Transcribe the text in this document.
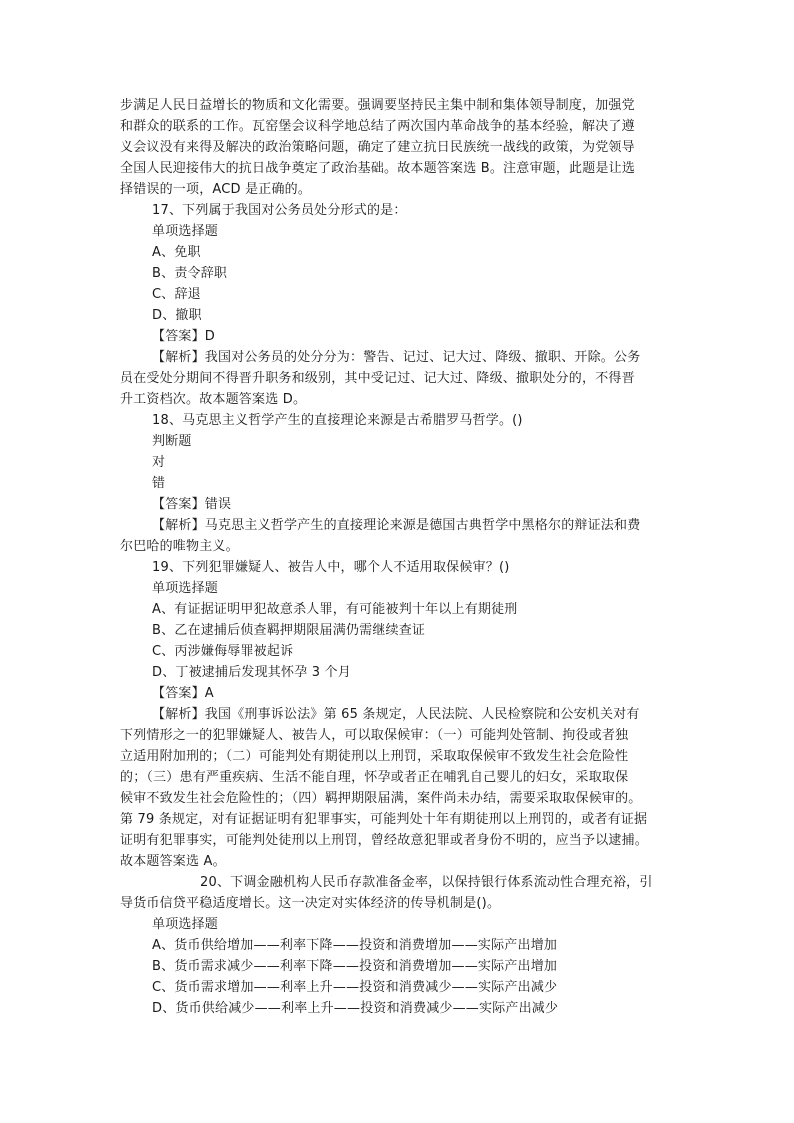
步满足人民日益增长的物质和文化需要。强调要坚持民主集中制和集体领导制度，加强党
和群众的联系的工作。瓦窑堡会议科学地总结了两次国内革命战争的基本经验，解决了遵
义会议没有来得及解决的政治策略问题，确定了建立抗日民族统一战线的政策，为党领导
全国人民迎接伟大的抗日战争奠定了政治基础。故本题答案选 B。注意审题，此题是让选
择错误的一项，ACD 是正确的。
17、下列属于我国对公务员处分形式的是：
单项选择题
A、免职
B、责令辞职
C、辞退
D、撤职
【答案】D
【解析】我国对公务员的处分分为：警告、记过、记大过、降级、撤职、开除。公务
员在受处分期间不得晋升职务和级别，其中受记过、记大过、降级、撤职处分的，不得晋
升工资档次。故本题答案选 D。
18、马克思主义哲学产生的直接理论来源是古希腊罗马哲学。()
判断题
对
错
【答案】错误
【解析】马克思主义哲学产生的直接理论来源是德国古典哲学中黑格尔的辩证法和费
尔巴哈的唯物主义。
19、下列犯罪嫌疑人、被告人中，哪个人不适用取保候审？()
单项选择题
A、有证据证明甲犯故意杀人罪，有可能被判十年以上有期徒刑
B、乙在逮捕后侦查羁押期限届满仍需继续查证
C、丙涉嫌侮辱罪被起诉
D、丁被逮捕后发现其怀孕 3 个月
【答案】A
【解析】我国《刑事诉讼法》第 65 条规定，人民法院、人民检察院和公安机关对有
下列情形之一的犯罪嫌疑人、被告人，可以取保候审：（一）可能判处管制、拘役或者独
立适用附加刑的；（二）可能判处有期徒刑以上刑罚，采取取保候审不致发生社会危险性
的；（三）患有严重疾病、生活不能自理，怀孕或者正在哺乳自己婴儿的妇女，采取取保
候审不致发生社会危险性的；（四）羁押期限届满，案件尚未办结，需要采取取保候审的。
第 79 条规定，对有证据证明有犯罪事实，可能判处十年有期徒刑以上刑罚的，或者有证据
证明有犯罪事实，可能判处徒刑以上刑罚，曾经故意犯罪或者身份不明的，应当予以逮捕。
故本题答案选 A。
20、下调金融机构人民币存款准备金率，以保持银行体系流动性合理充裕，引
导货币信贷平稳适度增长。这一决定对实体经济的传导机制是()。
单项选择题
A、货币供给增加——利率下降——投资和消费增加——实际产出增加
B、货币需求减少——利率下降——投资和消费增加——实际产出增加
C、货币需求增加——利率上升——投资和消费减少——实际产出减少
D、货币供给减少——利率上升——投资和消费减少——实际产出减少
